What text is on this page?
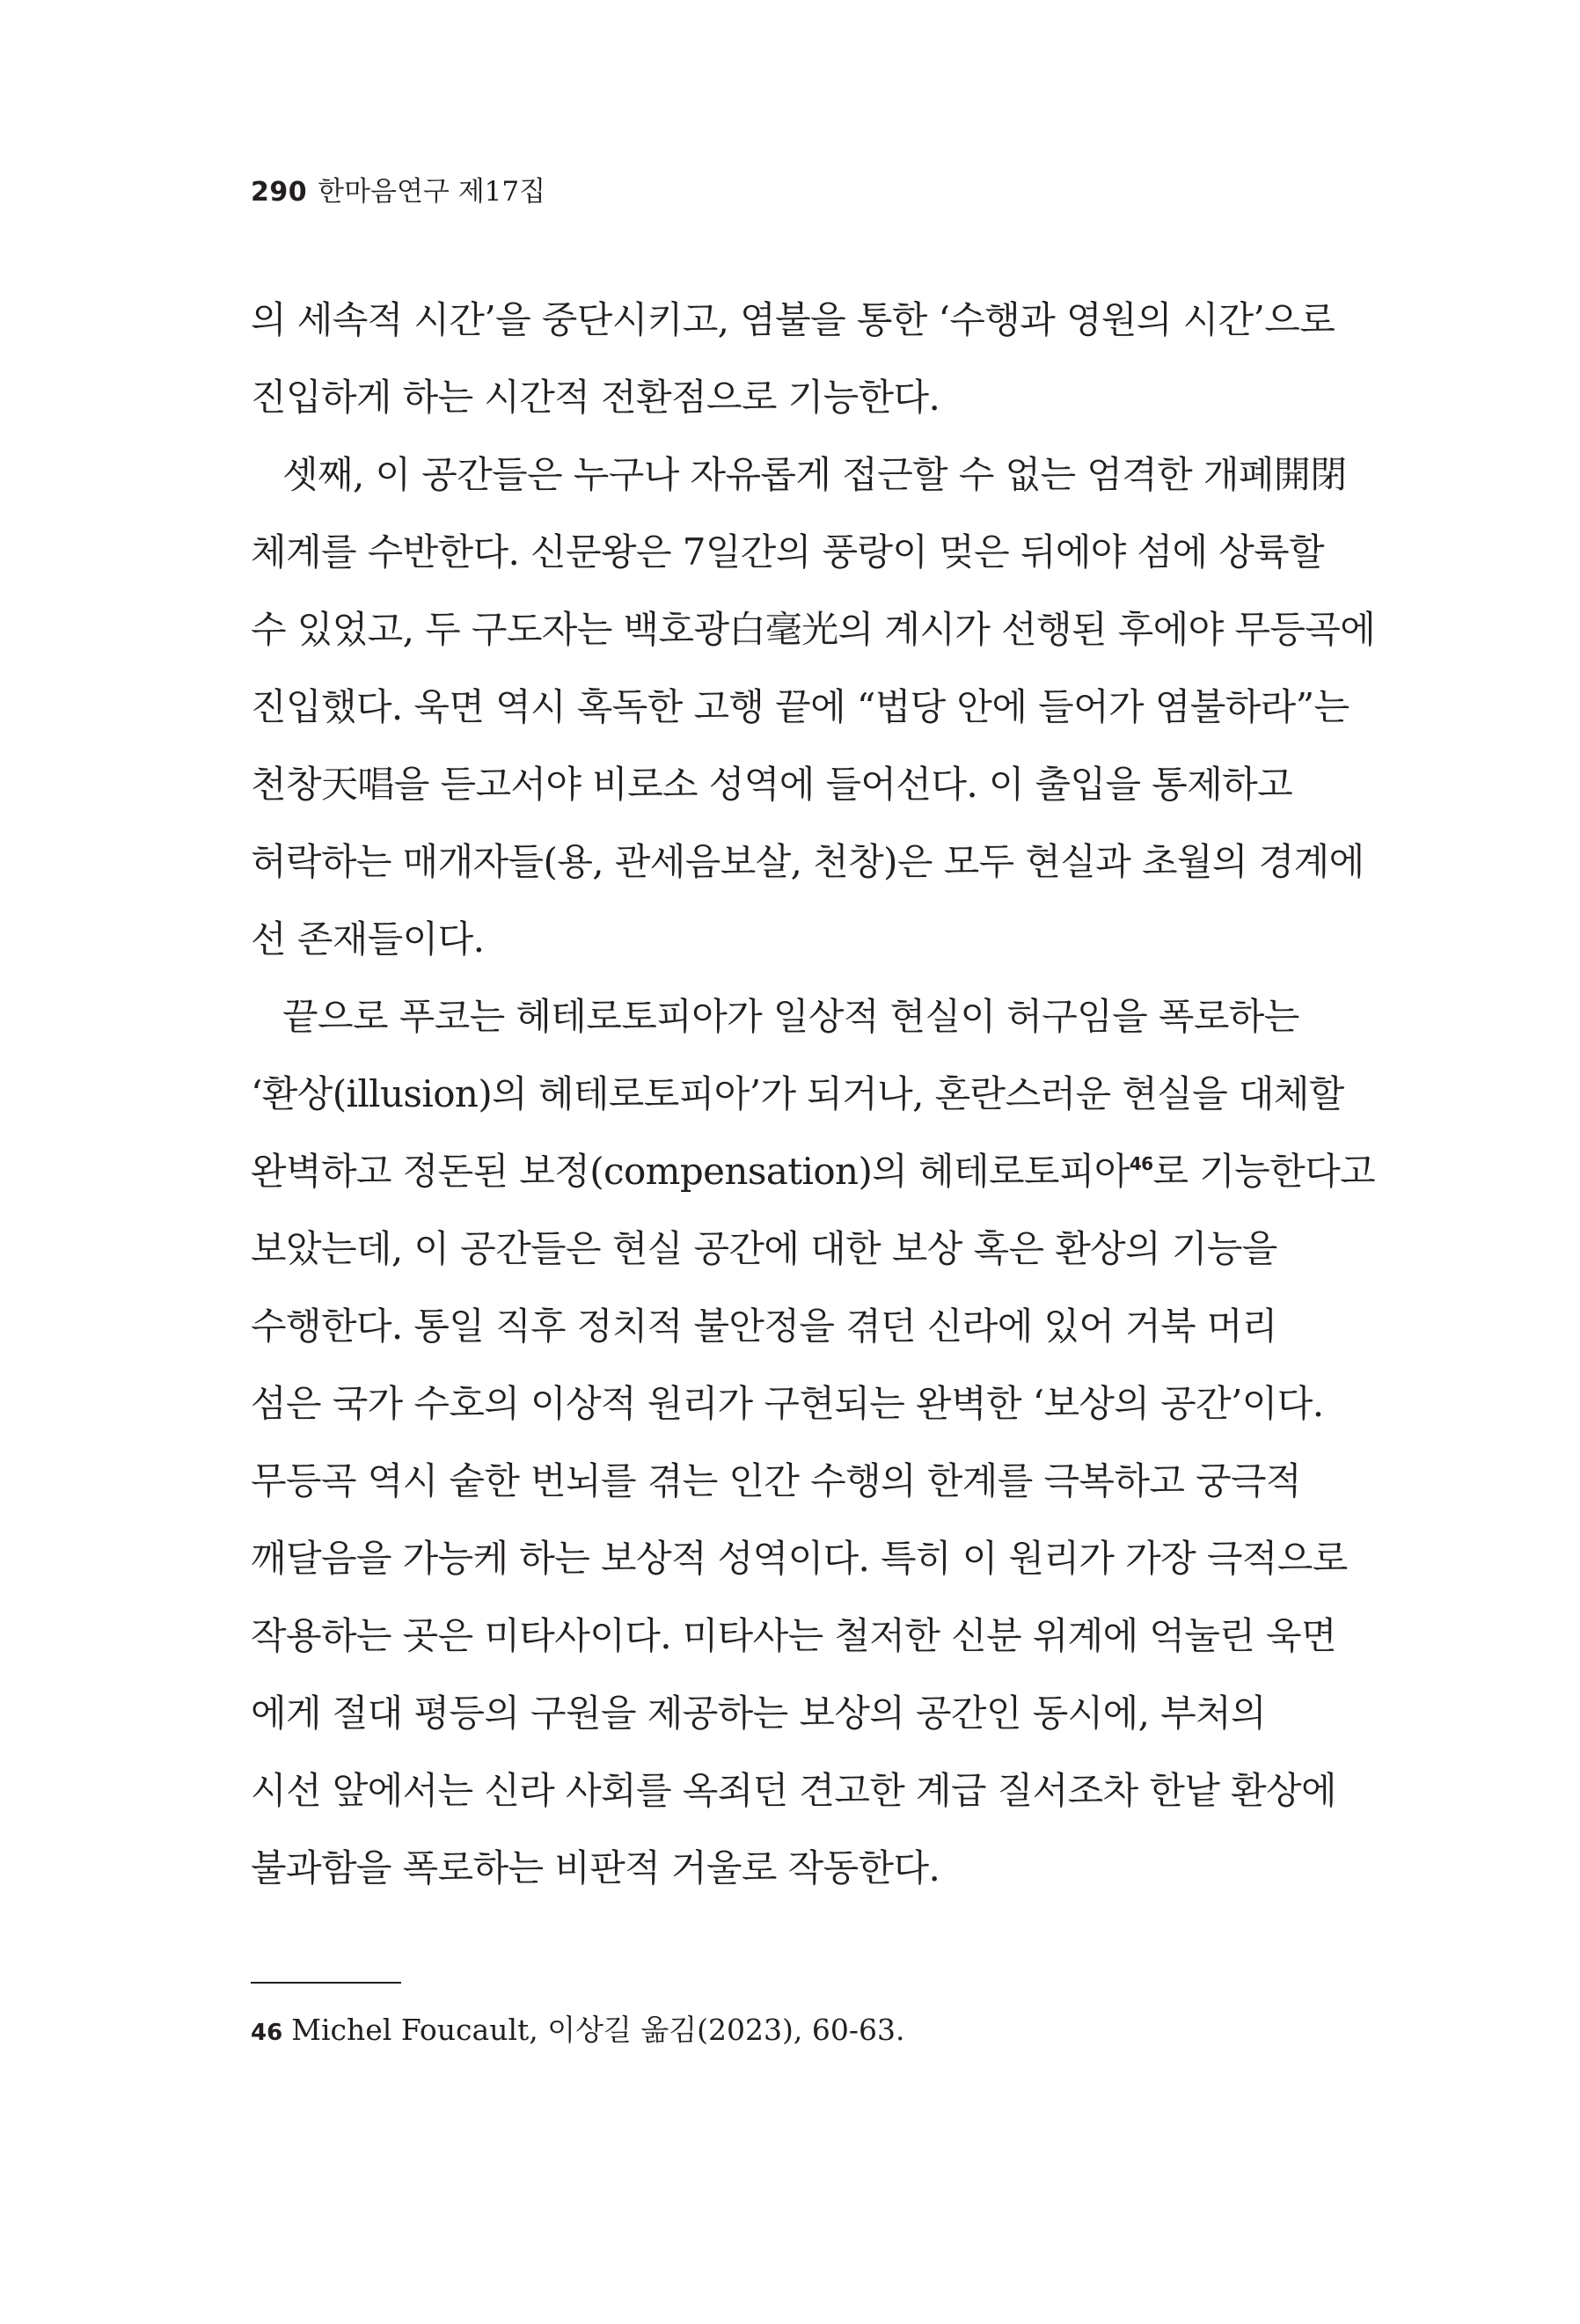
290 한마음연구 제17집
의 세속적 시간’을 중단시키고, 염불을 통한 ‘수행과 영원의 시간’으로
진입하게 하는 시간적 전환점으로 기능한다.
셋째, 이 공간들은 누구나 자유롭게 접근할 수 없는 엄격한 개폐開閉
체계를 수반한다. 신문왕은 7일간의 풍랑이 멎은 뒤에야 섬에 상륙할
수 있었고, 두 구도자는 백호광白毫光의 계시가 선행된 후에야 무등곡에
진입했다. 욱면 역시 혹독한 고행 끝에 “법당 안에 들어가 염불하라”는
천창天唱을 듣고서야 비로소 성역에 들어선다. 이 출입을 통제하고
허락하는 매개자들(용, 관세음보살, 천창)은 모두 현실과 초월의 경계에
선 존재들이다.
끝으로 푸코는 헤테로토피아가 일상적 현실이 허구임을 폭로하는
‘환상(illusion)의 헤테로토피아’가 되거나, 혼란스러운 현실을 대체할
완벽하고 정돈된 보정(compensation)의 헤테로토피아$^{46}$로 기능한다고
보았는데, 이 공간들은 현실 공간에 대한 보상 혹은 환상의 기능을
수행한다. 통일 직후 정치적 불안정을 겪던 신라에 있어 거북 머리
섬은 국가 수호의 이상적 원리가 구현되는 완벽한 ‘보상의 공간’이다.
무등곡 역시 숱한 번뇌를 겪는 인간 수행의 한계를 극복하고 궁극적
깨달음을 가능케 하는 보상적 성역이다. 특히 이 원리가 가장 극적으로
작용하는 곳은 미타사이다. 미타사는 철저한 신분 위계에 억눌린 욱면
에게 절대 평등의 구원을 제공하는 보상의 공간인 동시에, 부처의
시선 앞에서는 신라 사회를 옥죄던 견고한 계급 질서조차 한낱 환상에
불과함을 폭로하는 비판적 거울로 작동한다.
46 Michel Foucault, 이상길 옮김(2023), 60-63.
